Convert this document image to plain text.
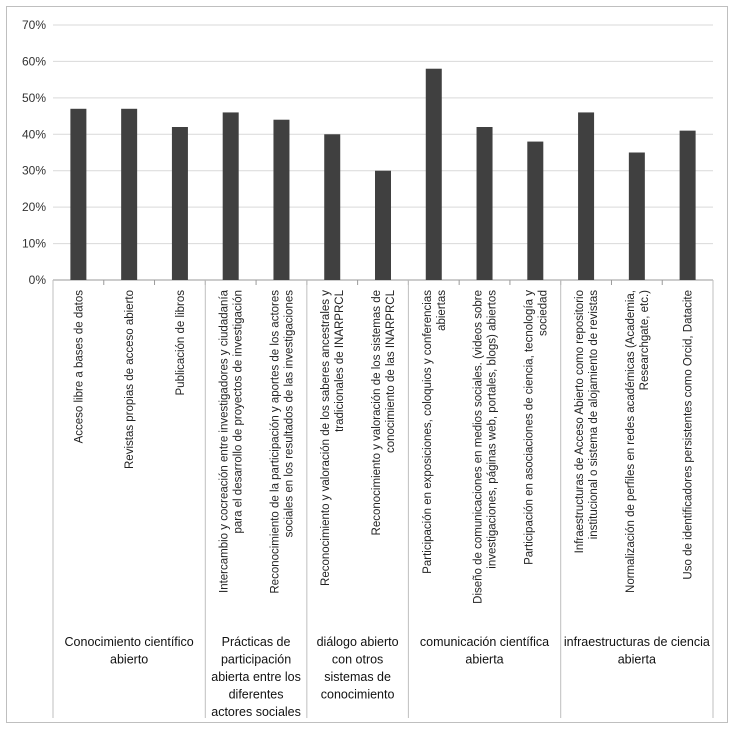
0%
10%
20%
30%
40%
50%
60%
70%
Acceso libre a bases de datos	Revistas propias de acceso abierto	Publicación de libros	Intercambio y cocreación entre investigadores y ciudadanía para el desarrollo de proyectos de investigación Reconocimiento de la participación y aportes de los actores sociales en los resultados de las investigaciones Reconocimiento y valoración de los saberes ancestrales y tradicionales de INARPRCL Reconocimiento y valoración de los sistemas de conocimiento de las INARPRCL Participación en exposiciones, coloquios y conferencias abiertas Diseño de comunicaciones en medios sociales. (videos sobre investigaciones, páginas web, portales, blogs) abiertos Participación en asociaciones de ciencia, tecnología y sociedad Infraestructuras de Acceso Abierto como repositorio institucional o sistema de alojamiento de revistas Normalización de perfiles en redes académicas (Academia, Researchgate, etc.)	Uso de identificadores persistentes como Orcid, Datacite
Conocimiento científico
abierto
Prácticas de
participación
abierta entre los
diferentes
actores sociales
diálogo abierto
con otros
sistemas de
conocimiento
comunicación científica
abierta
infraestructuras de ciencia
abierta
